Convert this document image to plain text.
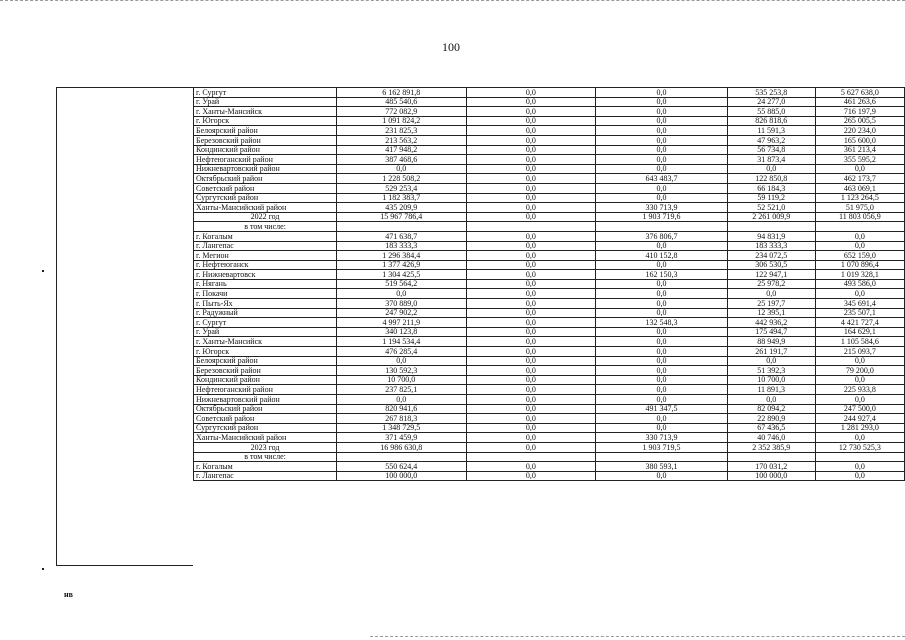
100
г. Сургут	6 162 891,8	0,0	0,0	535 253,8	5 627 638,0
г. Урай	485 540,6	0,0	0,0	24 277,0	461 263,6
г. Ханты-Мансийск	772 082,9	0,0	0,0	55 885,0	716 197,9
г. Югорск	1 091 824,2	0,0	0,0	826 818,6	265 005,5
Белоярский район	231 825,3	0,0	0,0	11 591,3	220 234,0
Березовский район	213 563,2	0,0	0,0	47 963,2	165 600,0
Кондинский район	417 948,2	0,0	0,0	56 734,8	361 213,4
Нефтеюганский район	387 468,6	0,0	0,0	31 873,4	355 595,2
Нижневартовский район	0,0	0,0	0,0	0,0	0,0
Октябрьский район	1 228 508,2	0,0	643 483,7	122 850,8	462 173,7
Советский район	529 253,4	0,0	0,0	66 184,3	463 069,1
Сургутский район	1 182 383,7	0,0	0,0	59 119,2	1 123 264,5
Ханты-Мансийский район	435 209,9	0,0	330 713,9	52 521,0	51 975,0
2022 год	15 967 786,4	0,0	1 903 719,6	2 261 009,9	11 803 056,9
в том числе:					
г. Когалым	471 638,7	0,0	376 806,7	94 831,9	0,0
г. Лангепас	183 333,3	0,0	0,0	183 333,3	0,0
г. Мегион	1 296 384,4	0,0	410 152,8	234 072,5	652 159,0
г. Нефтеюганск	1 377 426,9	0,0	0,0	306 530,5	1 070 896,4
г. Нижневартовск	1 304 425,5	0,0	162 150,3	122 947,1	1 019 328,1
г. Нягань	519 564,2	0,0	0,0	25 978,2	493 586,0
г. Покачи	0,0	0,0	0,0	0,0	0,0
г. Пыть-Ях	370 889,0	0,0	0,0	25 197,7	345 691,4
г. Радужный	247 902,2	0,0	0,0	12 395,1	235 507,1
г. Сургут	4 997 211,9	0,0	132 548,3	442 936,2	4 421 727,4
г. Урай	340 123,8	0,0	0,0	175 494,7	164 629,1
г. Ханты-Мансийск	1 194 534,4	0,0	0,0	88 949,9	1 105 584,6
г. Югорск	476 285,4	0,0	0,0	261 191,7	215 093,7
Белоярский район	0,0	0,0	0,0	0,0	0,0
Березовский район	130 592,3	0,0	0,0	51 392,3	79 200,0
Кондинский район	10 700,0	0,0	0,0	10 700,0	0,0
Нефтеюганский район	237 825,1	0,0	0,0	11 891,3	225 933,8
Нижневартовский район	0,0	0,0	0,0	0,0	0,0
Октябрьский район	820 941,6	0,0	491 347,5	82 094,2	247 500,0
Советский район	267 818,3	0,0	0,0	22 890,9	244 927,4
Сургутский район	1 348 729,5	0,0	0,0	67 436,5	1 281 293,0
Ханты-Мансийский район	371 459,9	0,0	330 713,9	40 746,0	0,0
2023 год	16 986 630,8	0,0	1 903 719,5	2 352 385,9	12 730 525,3
в том числе:					
г. Когалым	550 624,4	0,0	380 593,1	170 031,2	0,0
г. Лангепас	100 000,0	0,0	0,0	100 000,0	0,0
нв
